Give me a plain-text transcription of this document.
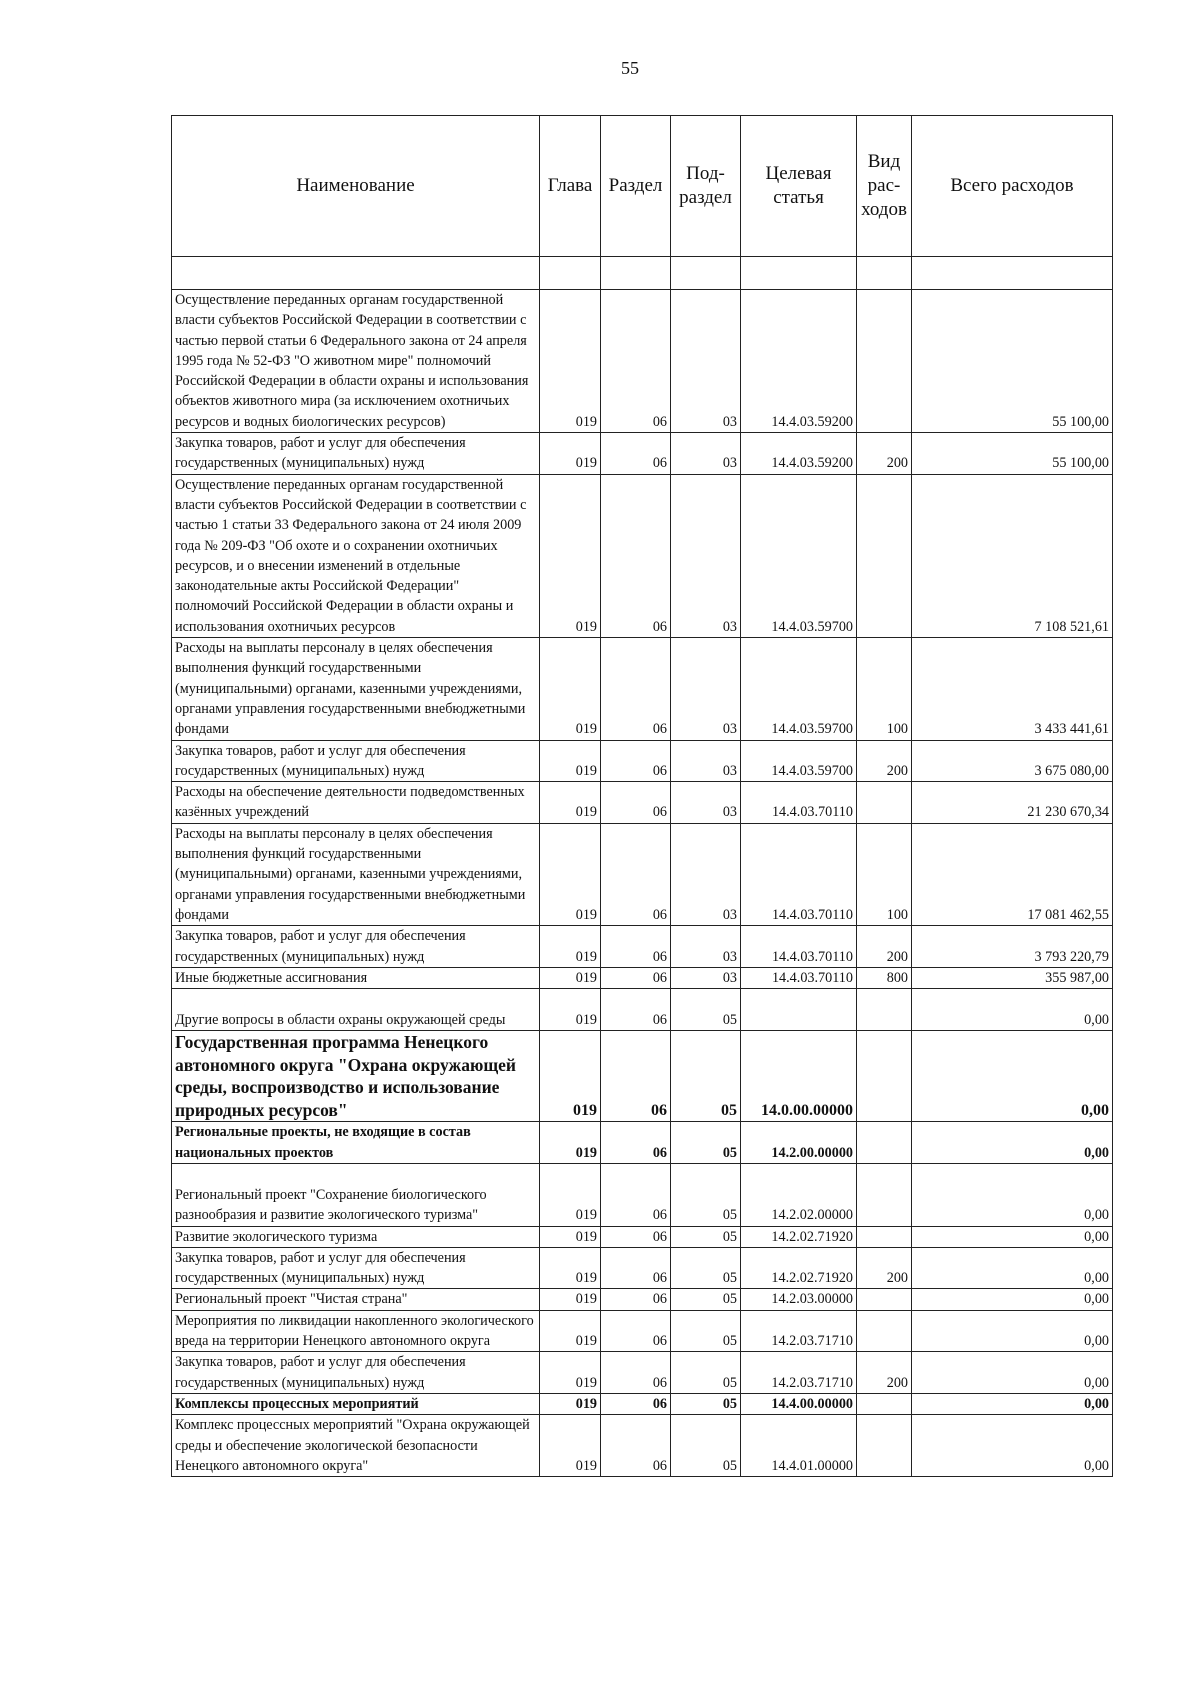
55
Наименование	Глава	Раздел	Под-раздел	Целевая статья	Вид рас-ходов	Всего расходов

Осуществление переданных органам государственной власти субъектов Российской Федерации в соответствии с частью первой статьи 6 Федерального закона от 24 апреля 1995 года № 52-ФЗ "О животном мире" полномочий Российской Федерации в области охраны и использования объектов животного мира (за исключением охотничьих ресурсов и водных биологических ресурсов)	019	06	03	14.4.03.59200		55 100,00
Закупка товаров, работ и услуг для обеспечения государственных (муниципальных) нужд	019	06	03	14.4.03.59200	200	55 100,00
Осуществление переданных органам государственной власти субъектов Российской Федерации в соответствии с частью 1 статьи 33 Федерального закона от 24 июля 2009 года № 209-ФЗ "Об охоте и о сохранении охотничьих ресурсов, и о внесении изменений в отдельные законодательные акты Российской Федерации" полномочий Российской Федерации в области охраны и использования охотничьих ресурсов	019	06	03	14.4.03.59700		7 108 521,61
Расходы на выплаты персоналу в целях обеспечения выполнения функций государственными (муниципальными) органами, казенными учреждениями, органами управления государственными внебюджетными фондами	019	06	03	14.4.03.59700	100	3 433 441,61
Закупка товаров, работ и услуг для обеспечения государственных (муниципальных) нужд	019	06	03	14.4.03.59700	200	3 675 080,00
Расходы на обеспечение деятельности подведомственных казённых учреждений	019	06	03	14.4.03.70110		21 230 670,34
Расходы на выплаты персоналу в целях обеспечения выполнения функций государственными (муниципальными) органами, казенными учреждениями, органами управления государственными внебюджетными фондами	019	06	03	14.4.03.70110	100	17 081 462,55
Закупка товаров, работ и услуг для обеспечения государственных (муниципальных) нужд	019	06	03	14.4.03.70110	200	3 793 220,79
Иные бюджетные ассигнования	019	06	03	14.4.03.70110	800	355 987,00
Другие вопросы в области охраны окружающей среды	019	06	05			0,00
Государственная программа Ненецкого автономного округа "Охрана окружающей среды, воспроизводство и использование природных ресурсов"	019	06	05	14.0.00.00000		0,00
Региональные проекты, не входящие в состав национальных проектов	019	06	05	14.2.00.00000		0,00
Региональный проект "Сохранение биологического разнообразия и развитие экологического туризма"	019	06	05	14.2.02.00000		0,00
Развитие экологического туризма	019	06	05	14.2.02.71920		0,00
Закупка товаров, работ и услуг для обеспечения государственных (муниципальных) нужд	019	06	05	14.2.02.71920	200	0,00
Региональный проект "Чистая страна"	019	06	05	14.2.03.00000		0,00
Мероприятия по ликвидации накопленного экологического вреда на территории Ненецкого автономного округа	019	06	05	14.2.03.71710		0,00
Закупка товаров, работ и услуг для обеспечения государственных (муниципальных) нужд	019	06	05	14.2.03.71710	200	0,00
Комплексы процессных мероприятий	019	06	05	14.4.00.00000		0,00
Комплекс процессных мероприятий "Охрана окружающей среды и обеспечение экологической безопасности Ненецкого автономного округа"	019	06	05	14.4.01.00000		0,00
